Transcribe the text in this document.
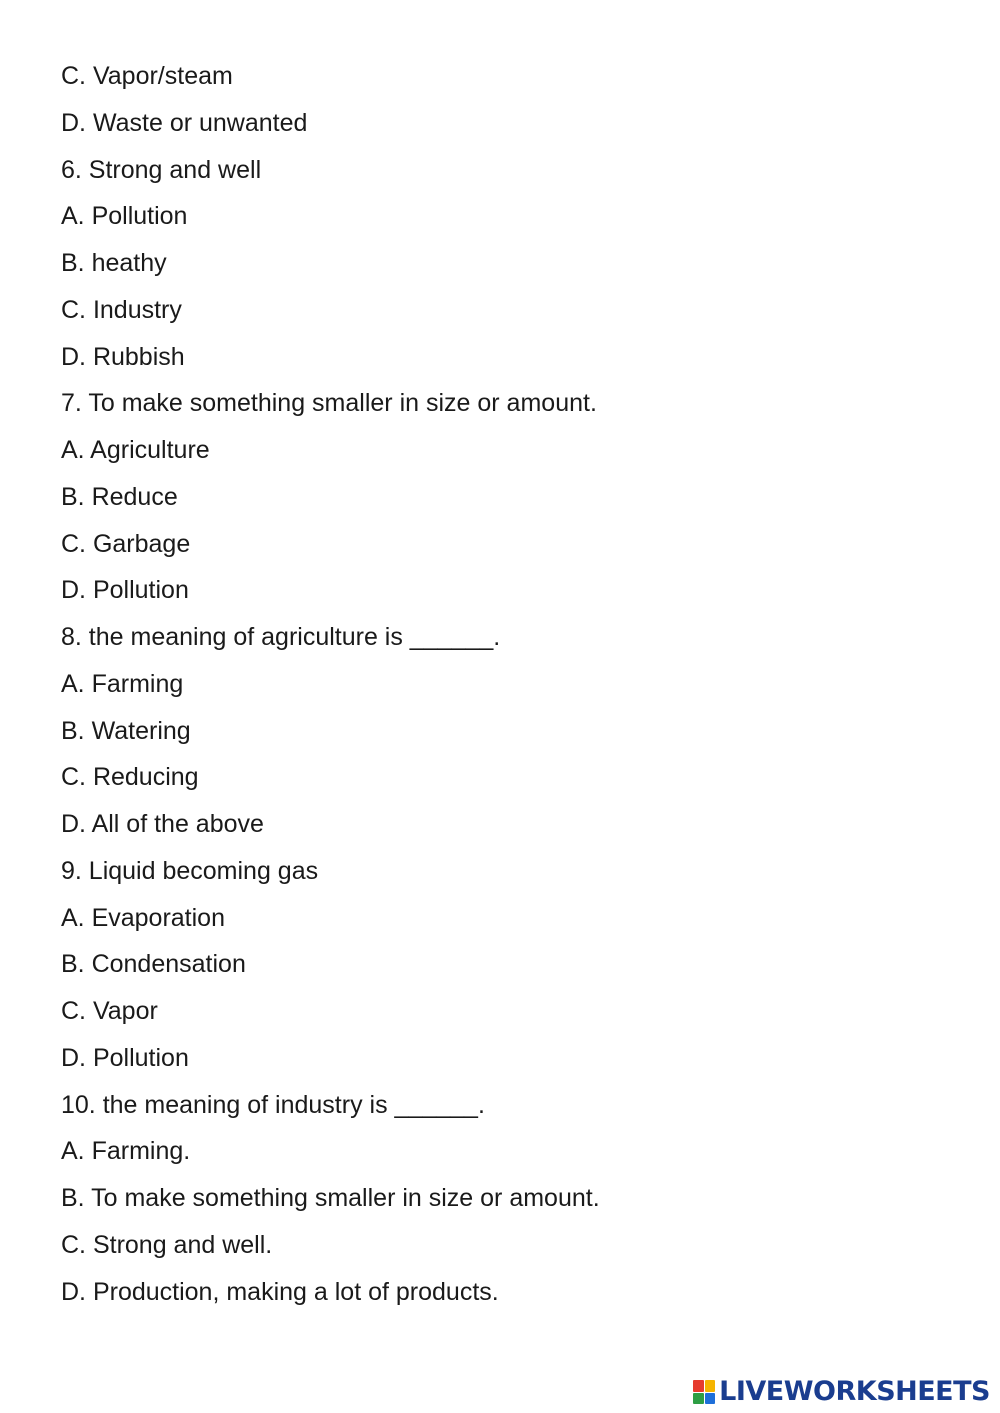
C. Vapor/steam
D. Waste or unwanted
6. Strong and well
A. Pollution
B. heathy
C. Industry
D. Rubbish
7. To make something smaller in size or amount.
A. Agriculture
B. Reduce
C. Garbage
D. Pollution
8. the meaning of agriculture is ______.
A. Farming
B. Watering
C. Reducing
D. All of the above
9. Liquid becoming gas
A. Evaporation
B. Condensation
C. Vapor
D. Pollution
10. the meaning of industry is ______.
A. Farming.
B. To make something smaller in size or amount.
C. Strong and well.
D. Production, making a lot of products.
LIVEWORKSHEETS
